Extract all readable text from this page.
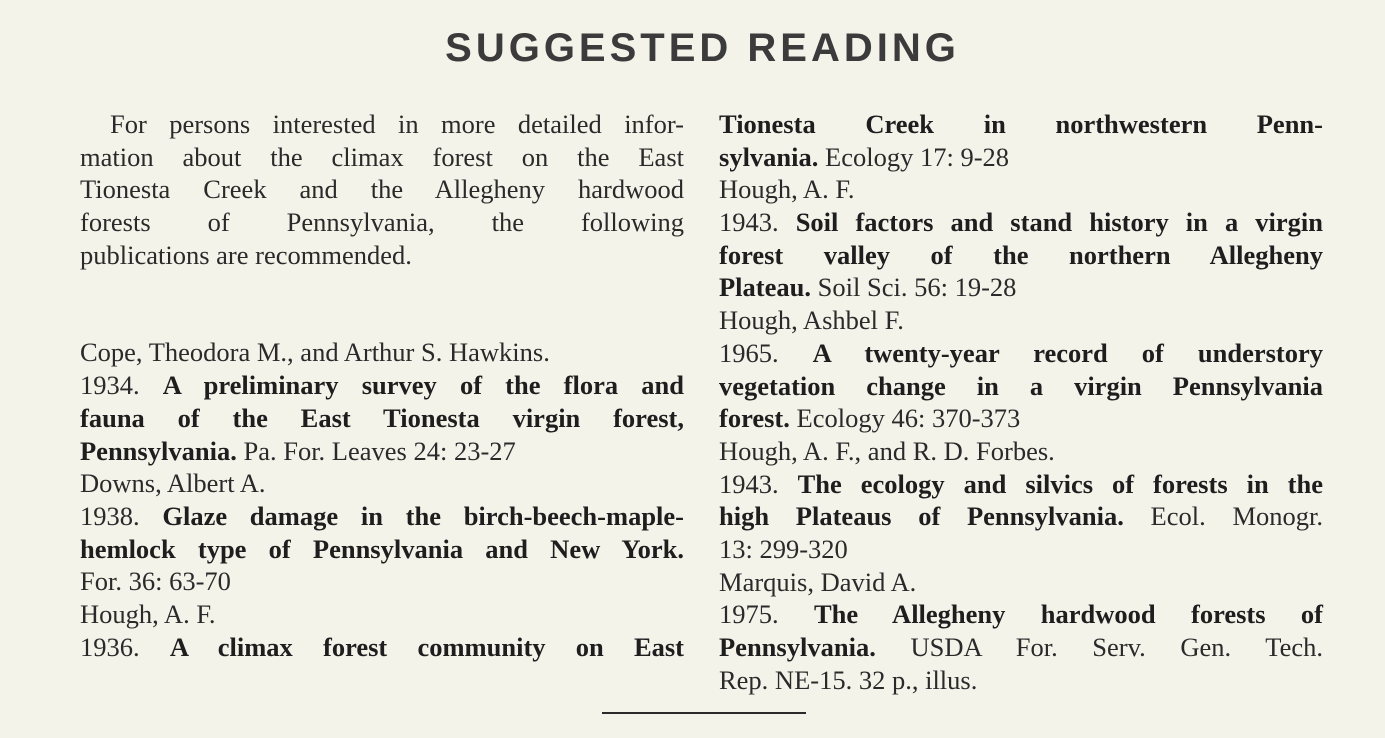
SUGGESTED READING
For persons interested in more detailed infor-
mation about the climax forest on the East
Tionesta Creek and the Allegheny hardwood
forests of Pennsylvania, the following
publications are recommended.
Cope, Theodora M., and Arthur S. Hawkins.
1934. A preliminary survey of the flora and
fauna of the East Tionesta virgin forest,
Pennsylvania. Pa. For. Leaves 24: 23-27
Downs, Albert A.
1938. Glaze damage in the birch-beech-maple-
hemlock type of Pennsylvania and New York.
For. 36: 63-70
Hough, A. F.
1936. A climax forest community on East
Tionesta Creek in northwestern Penn-
sylvania. Ecology 17: 9-28
Hough, A. F.
1943. Soil factors and stand history in a virgin
forest valley of the northern Allegheny
Plateau. Soil Sci. 56: 19-28
Hough, Ashbel F.
1965. A twenty-year record of understory
vegetation change in a virgin Pennsylvania
forest. Ecology 46: 370-373
Hough, A. F., and R. D. Forbes.
1943. The ecology and silvics of forests in the
high Plateaus of Pennsylvania. Ecol. Monogr.
13: 299-320
Marquis, David A.
1975. The Allegheny hardwood forests of
Pennsylvania. USDA For. Serv. Gen. Tech.
Rep. NE-15. 32 p., illus.
